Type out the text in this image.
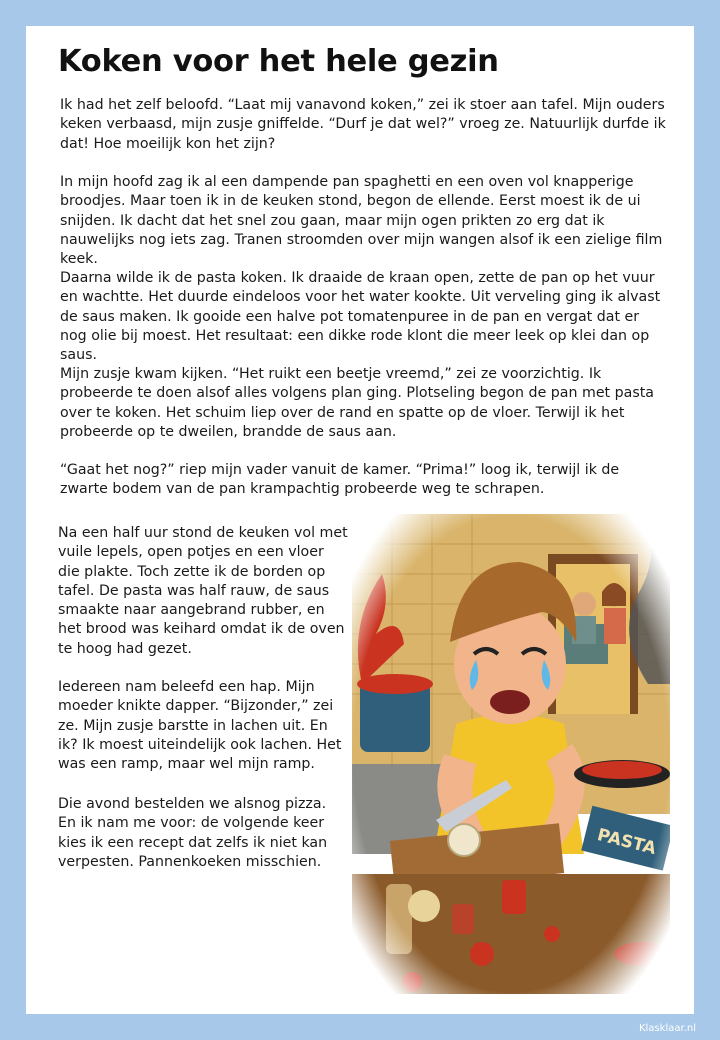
Koken voor het hele gezin

Ik had het zelf beloofd. “Laat mij vanavond koken,” zei ik stoer aan tafel. Mijn ouders keken verbaasd, mijn zusje gniffelde. “Durf je dat wel?” vroeg ze. Natuurlijk durfde ik dat! Hoe moeilijk kon het zijn?

In mijn hoofd zag ik al een dampende pan spaghetti en een oven vol knapperige broodjes. Maar toen ik in de keuken stond, begon de ellende. Eerst moest ik de ui snijden. Ik dacht dat het snel zou gaan, maar mijn ogen prikten zo erg dat ik nauwelijks nog iets zag. Tranen stroomden over mijn wangen alsof ik een zielige film keek.

Daarna wilde ik de pasta koken. Ik draaide de kraan open, zette de pan op het vuur en wachtte. Het duurde eindeloos voor het water kookte. Uit verveling ging ik alvast de saus maken. Ik gooide een halve pot tomatenpuree in de pan en vergat dat er nog olie bij moest. Het resultaat: een dikke rode klont die meer leek op klei dan op saus.

Mijn zusje kwam kijken. “Het ruikt een beetje vreemd,” zei ze voorzichtig. Ik probeerde te doen alsof alles volgens plan ging. Plotseling begon de pan met pasta over te koken. Het schuim liep over de rand en spatte op de vloer. Terwijl ik het probeerde op te dweilen, brandde de saus aan.

“Gaat het nog?” riep mijn vader vanuit de kamer. “Prima!” loog ik, terwijl ik de zwarte bodem van de pan krampachtig probeerde weg te schrapen.

Na een half uur stond de keuken vol met vuile lepels, open potjes en een vloer die plakte. Toch zette ik de borden op tafel. De pasta was half rauw, de saus smaakte naar aangebrand rubber, en het brood was keihard omdat ik de oven te hoog had gezet.

Iedereen nam beleefd een hap. Mijn moeder knikte dapper. “Bijzonder,” zei ze. Mijn zusje barstte in lachen uit. En ik? Ik moest uiteindelijk ook lachen. Het was een ramp, maar wel mijn ramp.

Die avond bestelden we alsnog pizza. En ik nam me voor: de volgende keer kies ik een recept dat zelfs ik niet kan verpesten. Pannenkoeken misschien.

Klasklaar.nl
